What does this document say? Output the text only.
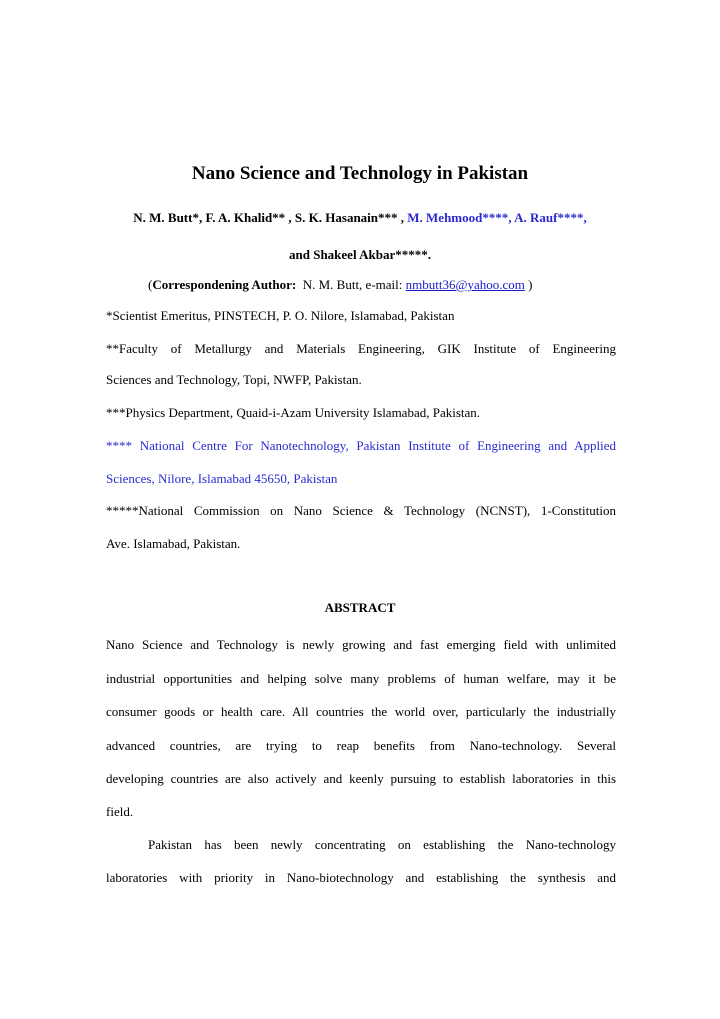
Nano Science and Technology in Pakistan
N. M. Butt*, F. A. Khalid** , S. K. Hasanain*** , M. Mehmood****, A. Rauf****,
and Shakeel Akbar*****.
(Correspondening Author:  N. M. Butt, e-mail: nmbutt36@yahoo.com )
*Scientist Emeritus, PINSTECH, P. O. Nilore, Islamabad, Pakistan
**Faculty of Metallurgy and Materials Engineering, GIK Institute of Engineering
Sciences and Technology, Topi, NWFP, Pakistan.
***Physics Department, Quaid-i-Azam University Islamabad, Pakistan.
**** National Centre For Nanotechnology, Pakistan Institute of Engineering and Applied
Sciences, Nilore, Islamabad 45650, Pakistan
*****National Commission on Nano Science & Technology (NCNST), 1-Constitution
Ave. Islamabad, Pakistan.
ABSTRACT
Nano Science and Technology is newly growing and fast emerging field with unlimited
industrial opportunities and helping solve many problems of human welfare, may it be
consumer goods or health care. All countries the world over, particularly the industrially
advanced countries, are trying to reap benefits from Nano-technology. Several
developing countries are also actively and keenly pursuing to establish laboratories in this
field.
Pakistan has been newly concentrating on establishing the Nano-technology
laboratories with priority in Nano-biotechnology and establishing the synthesis and
